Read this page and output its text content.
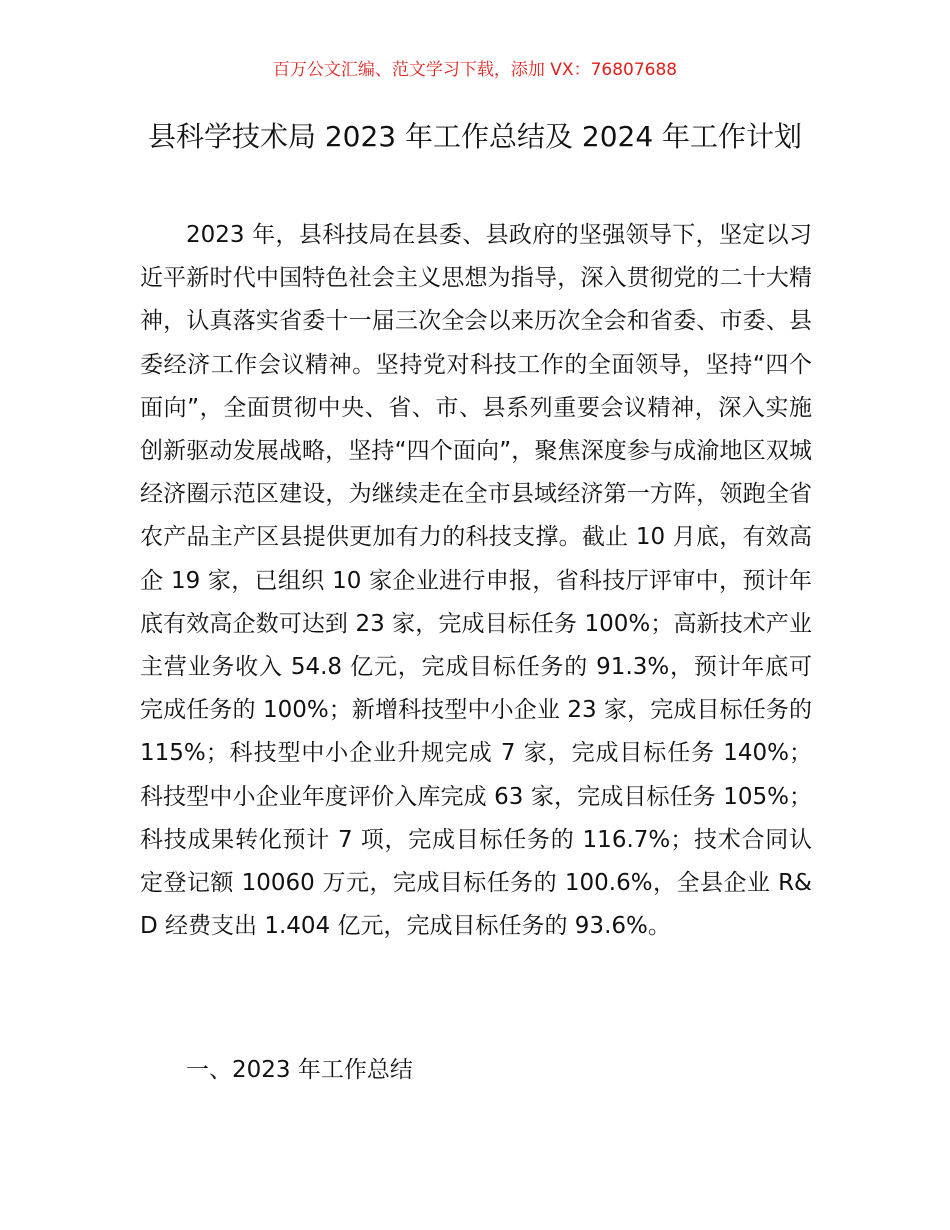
百万公文汇编、范文学习下载，添加 VX：76807688
县科学技术局 2023 年工作总结及 2024 年工作计划

2023 年，县科技局在县委、县政府的坚强领导下，坚定以习近平新时代中国特色社会主义思想为指导，深入贯彻党的二十大精神，认真落实省委十一届三次全会以来历次全会和省委、市委、县委经济工作会议精神。坚持党对科技工作的全面领导，坚持“四个面向”，全面贯彻中央、省、市、县系列重要会议精神，深入实施创新驱动发展战略，坚持“四个面向”，聚焦深度参与成渝地区双城经济圈示范区建设，为继续走在全市县域经济第一方阵，领跑全省农产品主产区县提供更加有力的科技支撑。截止 10 月底，有效高企 19 家，已组织 10 家企业进行申报，省科技厅评审中，预计年底有效高企数可达到 23 家，完成目标任务 100%；高新技术产业主营业务收入 54.8 亿元，完成目标任务的 91.3%，预计年底可完成任务的 100%；新增科技型中小企业 23 家，完成目标任务的 115%；科技型中小企业升规完成 7 家，完成目标任务 140%；科技型中小企业年度评价入库完成 63 家，完成目标任务 105%；科技成果转化预计 7 项，完成目标任务的 116.7%；技术合同认定登记额 10060 万元，完成目标任务的 100.6%，全县企业 R&D 经费支出 1.404 亿元，完成目标任务的 93.6%。

一、2023 年工作总结
